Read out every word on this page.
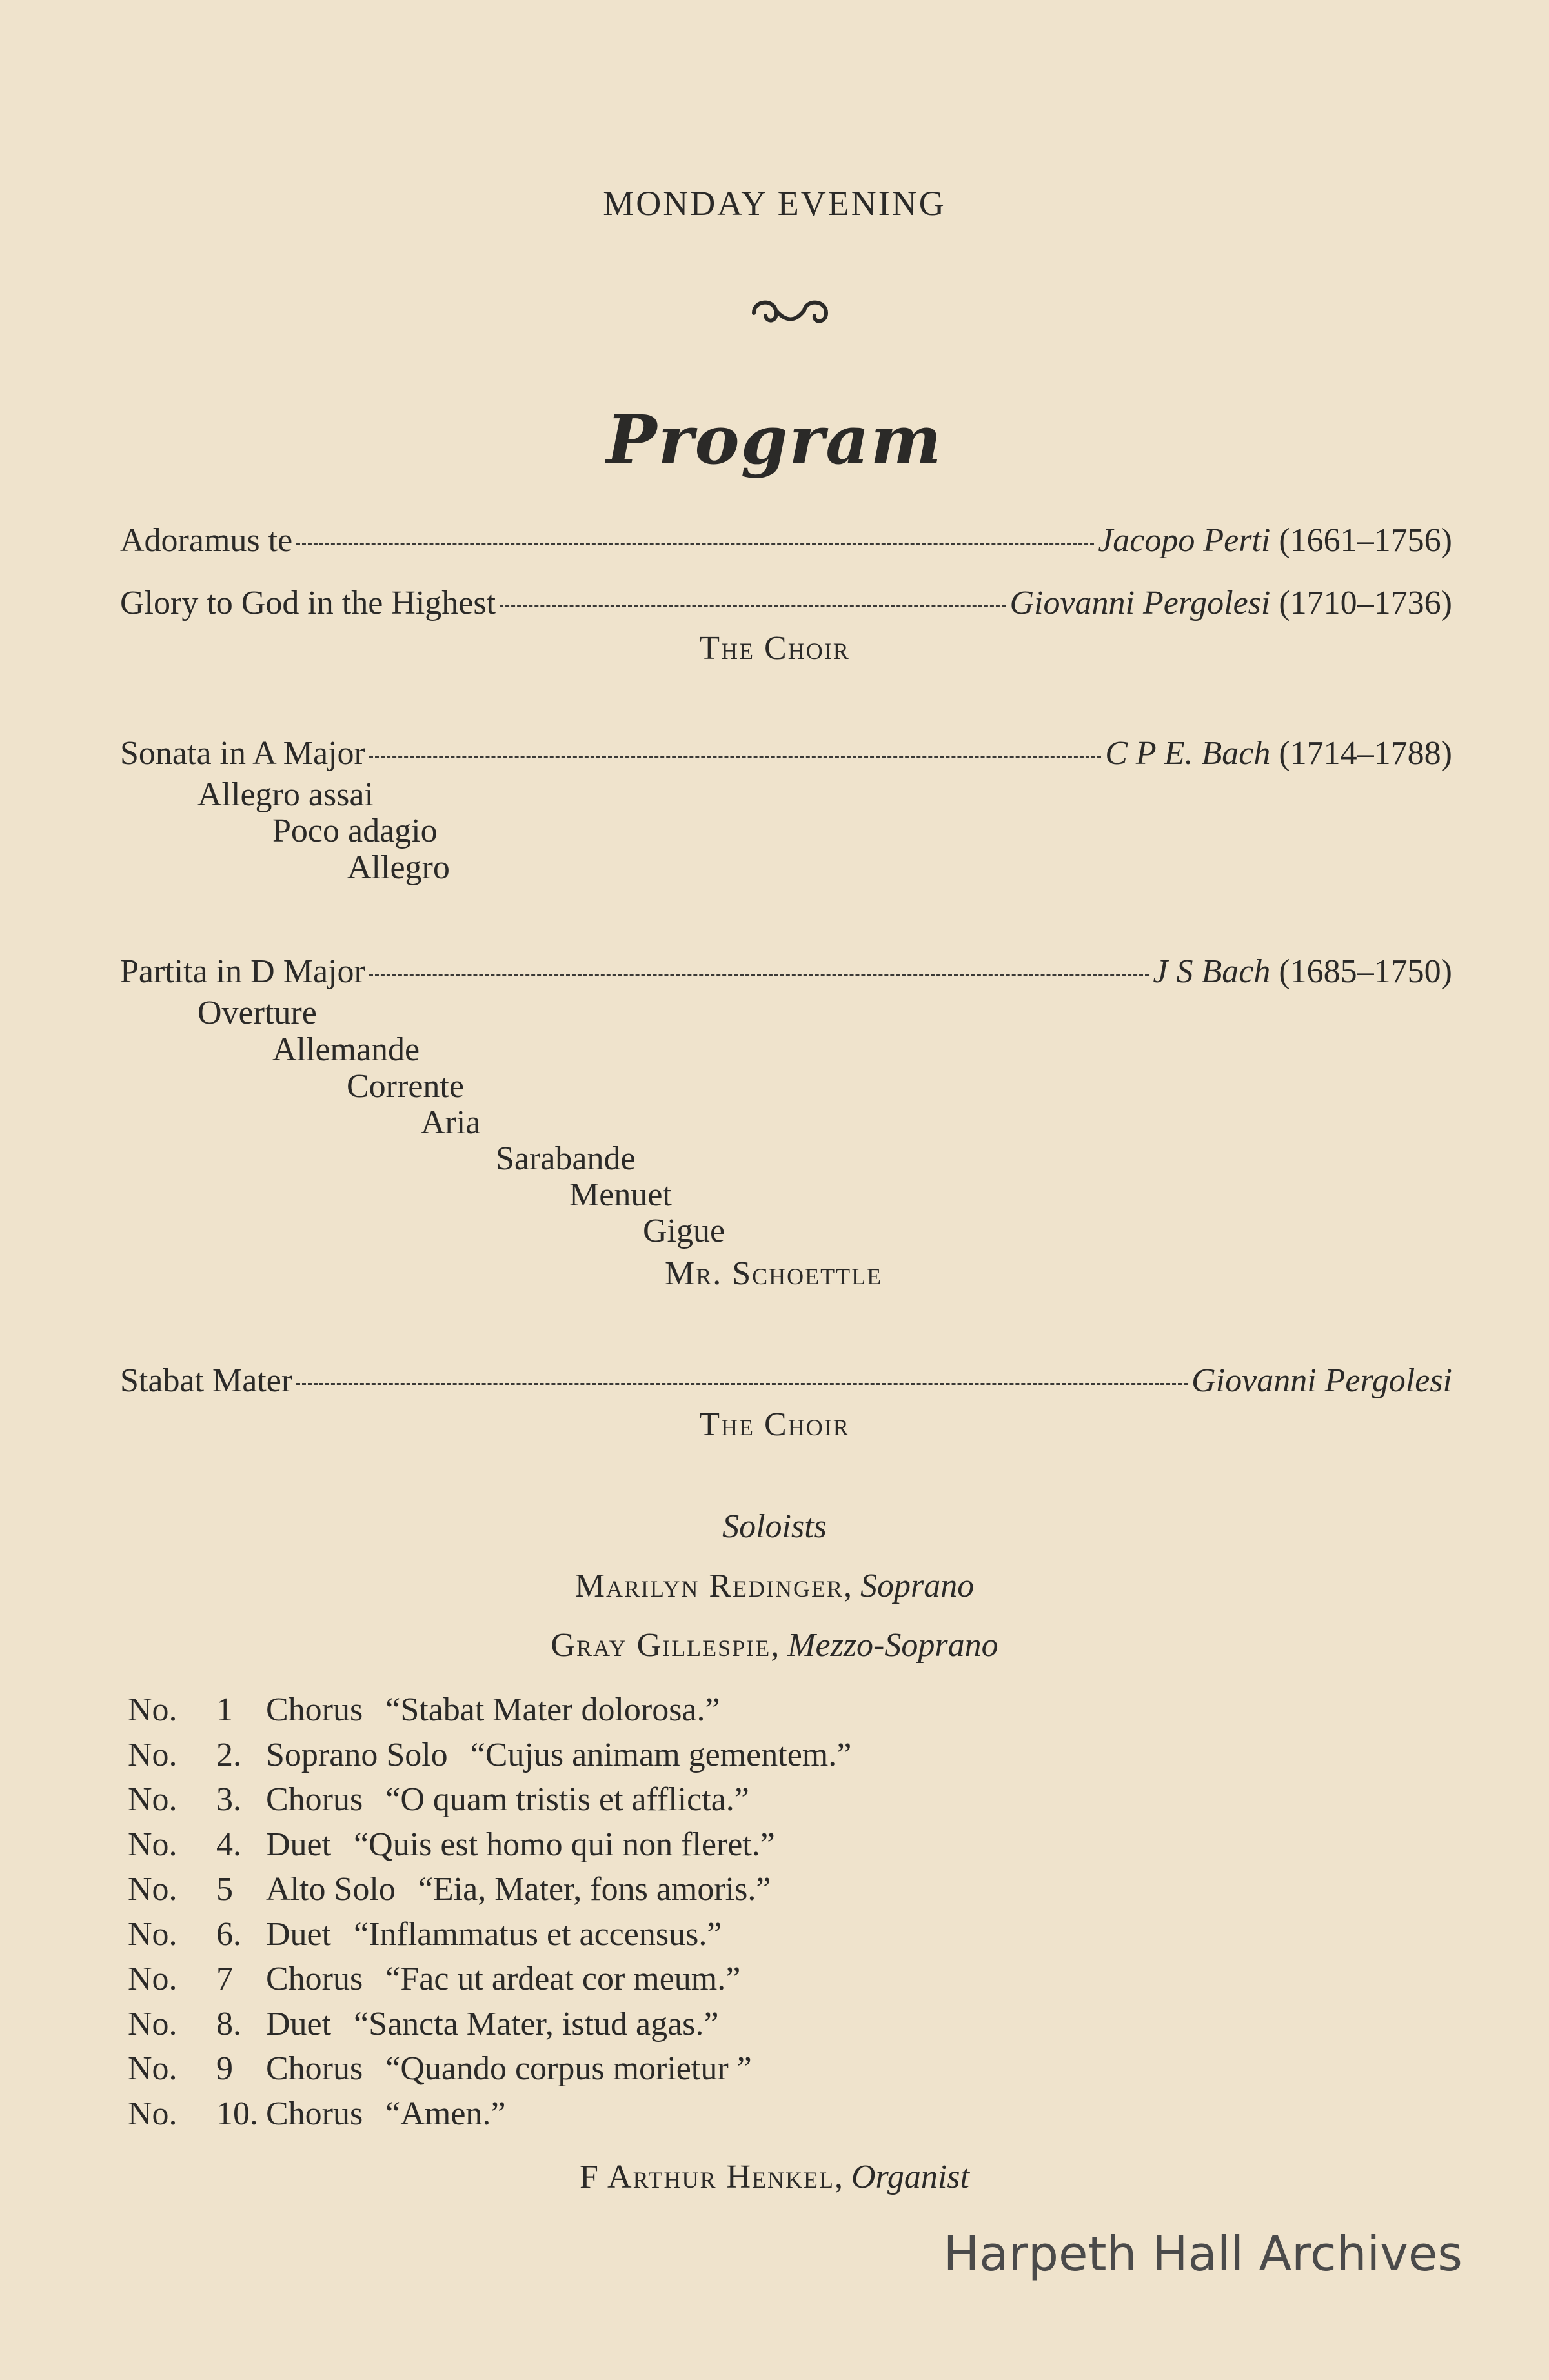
MONDAY EVENING
Program
Adoramus te	Jacopo Perti (1661–1756)
Glory to God in the Highest	Giovanni Pergolesi (1710–1736)
The Choir
Sonata in A Major	C P E. Bach (1714–1788)
Allegro assai
Poco adagio
Allegro
Partita in D Major	J S Bach (1685–1750)
Overture
Allemande
Corrente
Aria
Sarabande
Menuet
Gigue
Mr. Schoettle
Stabat Mater	Giovanni Pergolesi
The Choir
Soloists
Marilyn Redinger, Soprano
Gray Gillespie, Mezzo-Soprano
No. 1 Chorus “Stabat Mater dolorosa.”
No. 2. Soprano Solo “Cujus animam gementem.”
No. 3. Chorus “O quam tristis et afflicta.”
No. 4. Duet “Quis est homo qui non fleret.”
No. 5 Alto Solo “Eia, Mater, fons amoris.”
No. 6. Duet “Inflammatus et accensus.”
No. 7 Chorus “Fac ut ardeat cor meum.”
No. 8. Duet “Sancta Mater, istud agas.”
No. 9 Chorus “Quando corpus morietur ”
No. 10. Chorus “Amen.”
F Arthur Henkel, Organist
Harpeth Hall Archives
